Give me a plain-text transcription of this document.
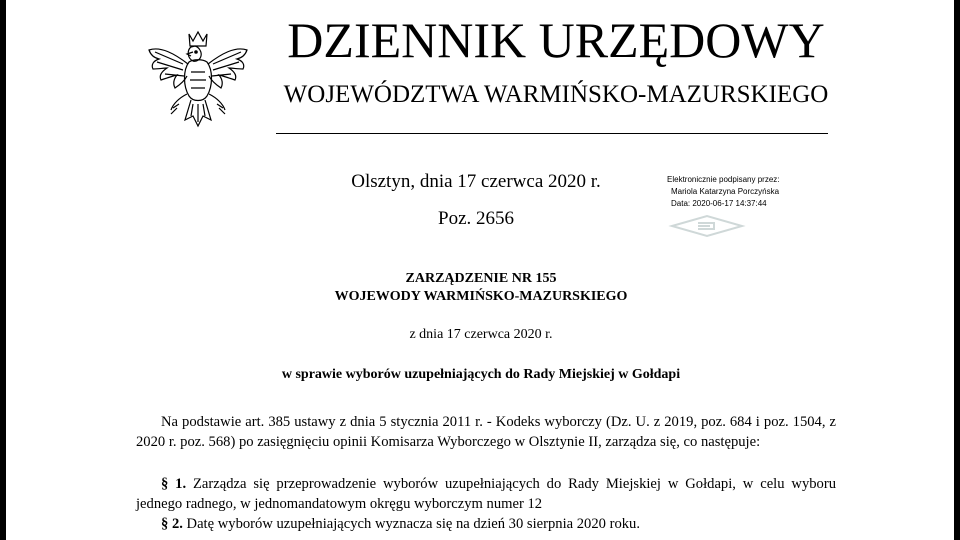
DZIENNIK URZĘDOWY
WOJEWÓDZTWA WARMIŃSKO-MAZURSKIEGO
Olsztyn, dnia 17 czerwca 2020 r.
Poz. 2656
Elektronicznie podpisany przez:
Mariola Katarzyna Porczyńska
Data: 2020-06-17 14:37:44
ZARZĄDZENIE NR 155
WOJEWODY WARMIŃSKO-MAZURSKIEGO
z dnia 17 czerwca 2020 r.
w sprawie wyborów uzupełniających do Rady Miejskiej w Gołdapi
Na podstawie art. 385 ustawy z dnia 5 stycznia 2011 r. - Kodeks wyborczy (Dz. U. z 2019, poz. 684 i poz. 1504, z 2020 r. poz. 568) po zasięgnięciu opinii Komisarza Wyborczego w Olsztynie II, zarządza się, co następuje:
§ 1. Zarządza się przeprowadzenie wyborów uzupełniających do Rady Miejskiej w Gołdapi, w celu wyboru jednego radnego, w jednomandatowym okręgu wyborczym numer 12
§ 2. Datę wyborów uzupełniających wyznacza się na dzień 30 sierpnia 2020 roku.
